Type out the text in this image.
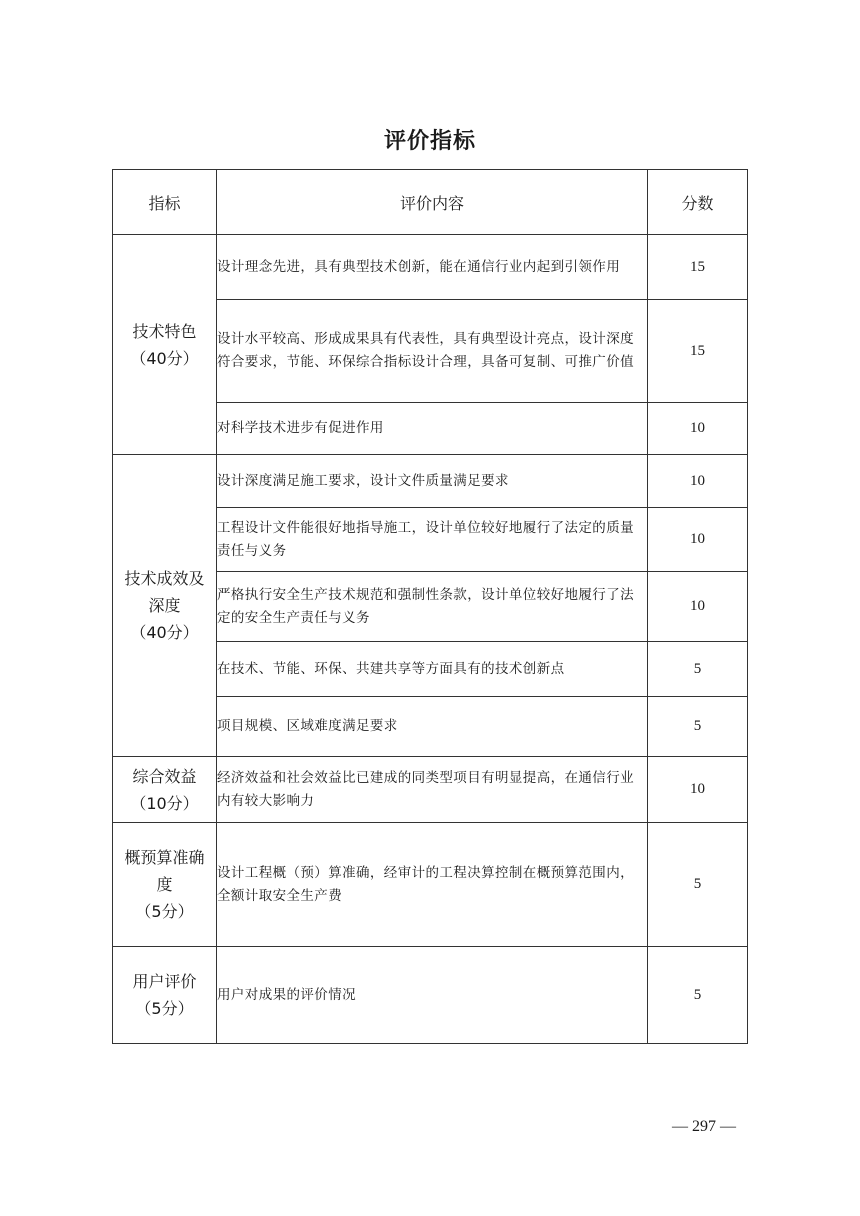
评价指标
指标	评价内容	分数

技术特色
（40分）	设计理念先进，具有典型技术创新，能在通信行业内起到引领作用	15
	设计水平较高、形成成果具有代表性，具有典型设计亮点，设计深度符合要求，节能、环保综合指标设计合理，具备可复制、可推广价值	15
	对科学技术进步有促进作用	10

技术成效及深度
（40分）	设计深度满足施工要求，设计文件质量满足要求	10
	工程设计文件能很好地指导施工，设计单位较好地履行了法定的质量责任与义务	10
	严格执行安全生产技术规范和强制性条款，设计单位较好地履行了法定的安全生产责任与义务	10
	在技术、节能、环保、共建共享等方面具有的技术创新点	5
	项目规模、区域难度满足要求	5

综合效益
（10分）	经济效益和社会效益比已建成的同类型项目有明显提高，在通信行业内有较大影响力	10

概预算准确度
（5分）	设计工程概（预）算准确，经审计的工程决算控制在概预算范围内，全额计取安全生产费	5

用户评价
（5分）	用户对成果的评价情况	5
— 297 —
